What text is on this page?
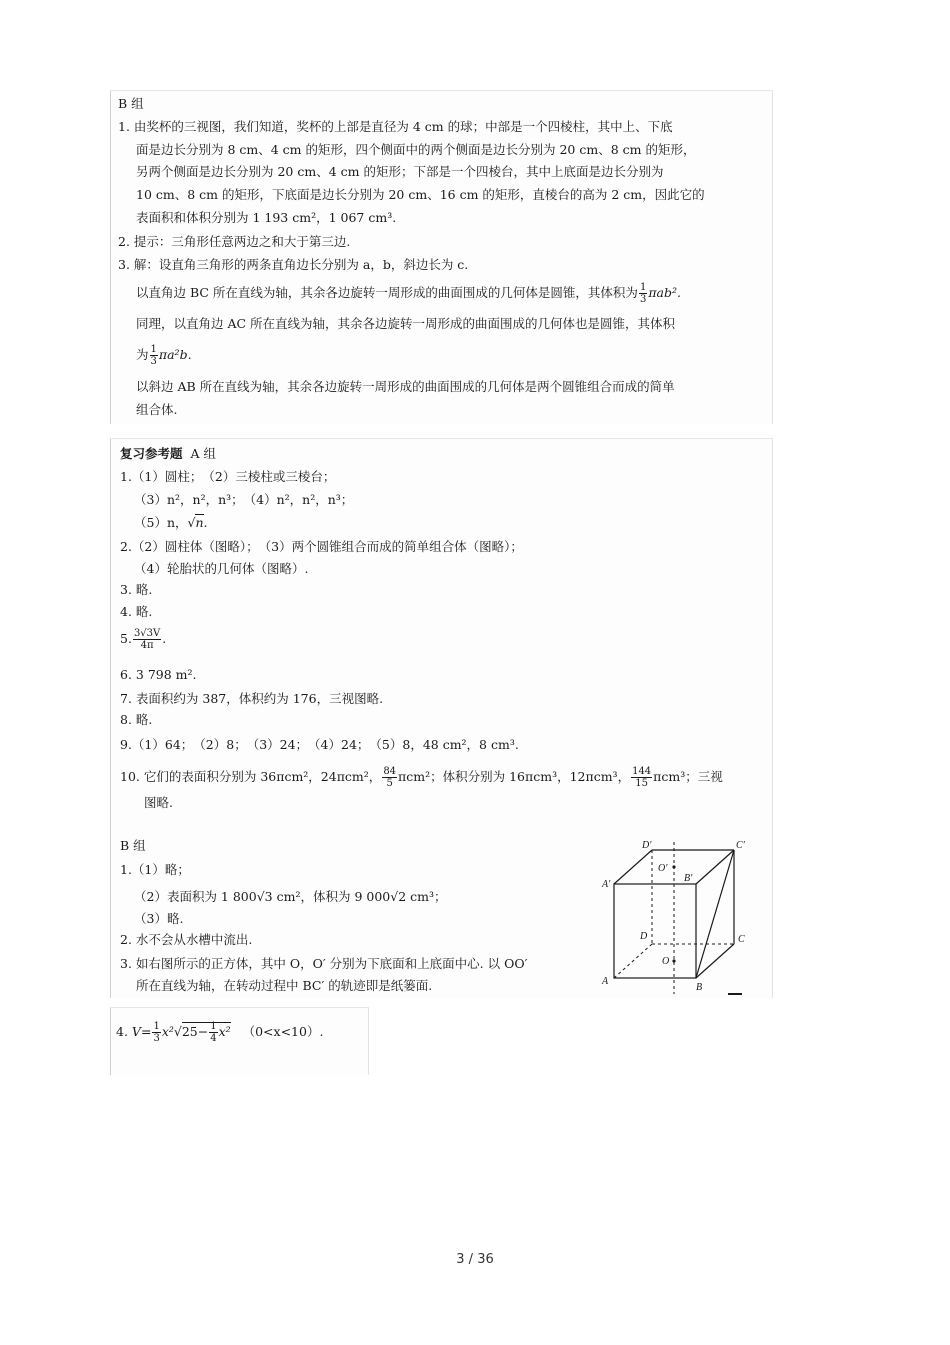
B 组
1. 由奖杯的三视图，我们知道，奖杯的上部是直径为 4 cm 的球；中部是一个四棱柱，其中上、下底
面是边长分别为 8 cm、4 cm 的矩形，四个侧面中的两个侧面是边长分别为 20 cm、8 cm 的矩形，
另两个侧面是边长分别为 20 cm、4 cm 的矩形；下部是一个四棱台，其中上底面是边长分别为
10 cm、8 cm 的矩形，下底面是边长分别为 20 cm、16 cm 的矩形，直棱台的高为 2 cm，因此它的
表面积和体积分别为 1 193 cm²，1 067 cm³.
2. 提示：三角形任意两边之和大于第三边.
3. 解：设直角三角形的两条直角边长分别为 a，b，斜边长为 c.
以直角边 BC 所在直线为轴，其余各边旋转一周形成的曲面围成的几何体是圆锥，其体积为 $\frac{1}{3} \pi ab^2$.
同理，以直角边 AC 所在直线为轴，其余各边旋转一周形成的曲面围成的几何体也是圆锥，其体积
为 $\frac{1}{3} \pi a^2b$.
以斜边 AB 所在直线为轴，其余各边旋转一周形成的曲面围成的几何体是两个圆锥组合而成的简单
组合体.
复习参考题 A 组
1.（1）圆柱；　（2）三棱柱或三棱台；
（3）n²，n²，n³；　（4）n²，n²，n³；
（5）n，√n.
2.（2）圆柱体（图略）；　（3）两个圆锥组合而成的简单组合体（图略）；
（4）轮胎状的几何体（图略）.
3. 略.
4. 略.
5. $\frac{3√3V}{4\pi}$ .
6. 3 798 m².
7. 表面积约为 387，体积约为 176，三视图略.
8. 略.
9.（1）64；　（2）8；　（3）24；　（4）24；　（5）8，48 cm²，8 cm³.
10. 它们的表面积分别为 36πcm²，24πcm²， $\frac{84}{5} \pi cm^2$；体积分别为 16πcm³，12πcm³， $\frac{144}{15} \pi cm^3$；三视
图略.
B 组
1.（1）略；
（2）表面积为 1 800√3 cm²，体积为 9 000√2 cm³；
（3）略.
2. 水不会从水槽中流出.
3. 如右图所示的正方体，其中 O，O′ 分别为下底面和上底面中心. 以 OO′
所在直线为轴，在转动过程中 BC′ 的轨迹即是纸篓面.
D′	C′
A′
B′
O′
D	C
O
A
B
4. $V= \frac{1}{3} x^2√25- \frac{1}{4} x^2$ （0<x<10）.
3 / 36
